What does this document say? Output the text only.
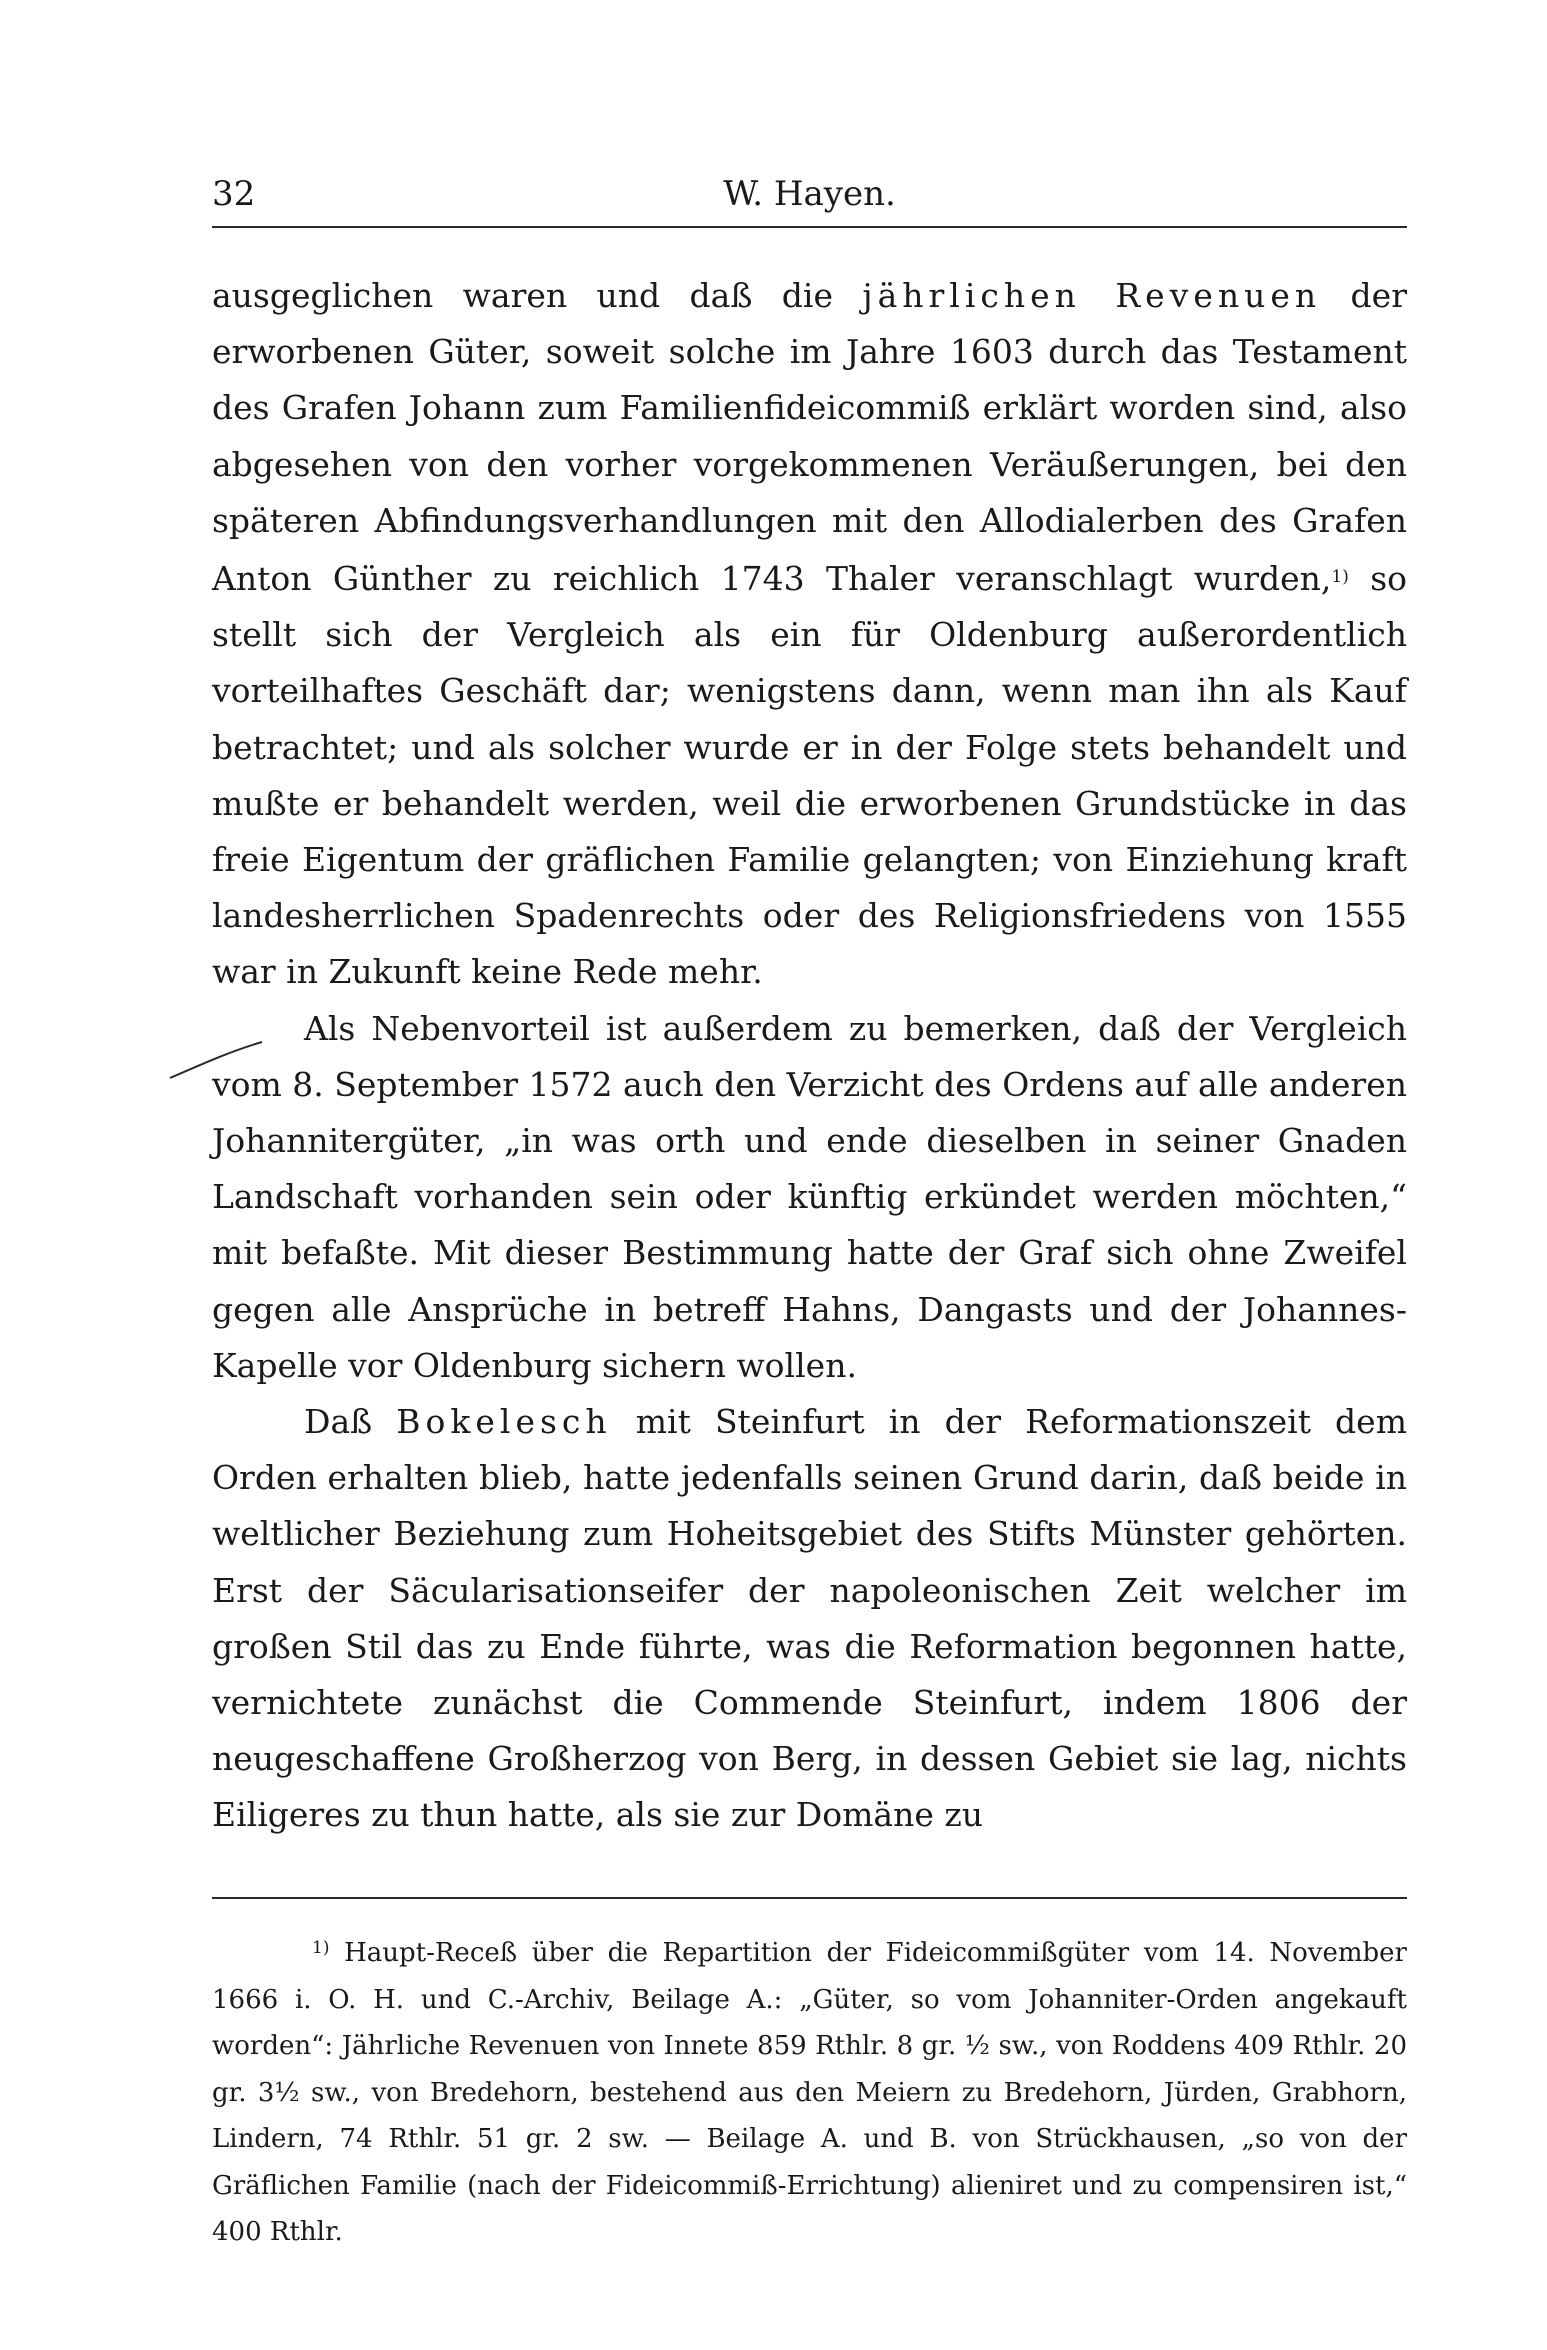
32	W. Hayen.

ausgeglichen waren und daß die jährlichen Revenuen der erworbenen Güter, soweit solche im Jahre 1603 durch das Testament des Grafen Johann zum Familienfideicommiß erklärt worden sind, also abgesehen von den vorher vorgekommenen Veräußerungen, bei den späteren Abfindungsverhandlungen mit den Allodialerben des Grafen Anton Günther zu reichlich 1743 Thaler veranschlagt wurden,$^{1)}$ so stellt sich der Vergleich als ein für Oldenburg außerordentlich vorteilhaftes Geschäft dar; wenigstens dann, wenn man ihn als Kauf betrachtet; und als solcher wurde er in der Folge stets behandelt und mußte er behandelt werden, weil die erworbenen Grundstücke in das freie Eigentum der gräflichen Familie gelangten; von Einziehung kraft landesherrlichen Spadenrechts oder des Religionsfriedens von 1555 war in Zukunft keine Rede mehr.

Als Nebenvorteil ist außerdem zu bemerken, daß der Vergleich vom 8. September 1572 auch den Verzicht des Ordens auf alle anderen Johannitergüter, „in was orth und ende dieselben in seiner Gnaden Landschaft vorhanden sein oder künftig erkündet werden möchten,“ mit befaßte. Mit dieser Bestimmung hatte der Graf sich ohne Zweifel gegen alle Ansprüche in betreff Hahns, Dangasts und der Johannes-Kapelle vor Oldenburg sichern wollen.

Daß Bokelesch mit Steinfurt in der Reformationszeit dem Orden erhalten blieb, hatte jedenfalls seinen Grund darin, daß beide in weltlicher Beziehung zum Hoheitsgebiet des Stifts Münster gehörten. Erst der Säcularisationseifer der napoleonischen Zeit welcher im großen Stil das zu Ende führte, was die Reformation begonnen hatte, vernichtete zunächst die Commende Steinfurt, indem 1806 der neugeschaffene Großherzog von Berg, in dessen Gebiet sie lag, nichts Eiligeres zu thun hatte, als sie zur Domäne zu

$^{1)}$ Haupt-Receß über die Repartition der Fideicommißgüter vom 14. November 1666 i. O. H. und C.-Archiv, Beilage A.: „Güter, so vom Johanniter-Orden angekauft worden“: Jährliche Revenuen von Innete 859 Rthlr. 8 gr. ½ sw., von Roddens 409 Rthlr. 20 gr. 3½ sw., von Bredehorn, bestehend aus den Meiern zu Bredehorn, Jürden, Grabhorn, Lindern, 74 Rthlr. 51 gr. 2 sw. — Beilage A. und B. von Strückhausen, „so von der Gräflichen Familie (nach der Fideicommiß-Errichtung) alieniret und zu compensiren ist,“ 400 Rthlr.
